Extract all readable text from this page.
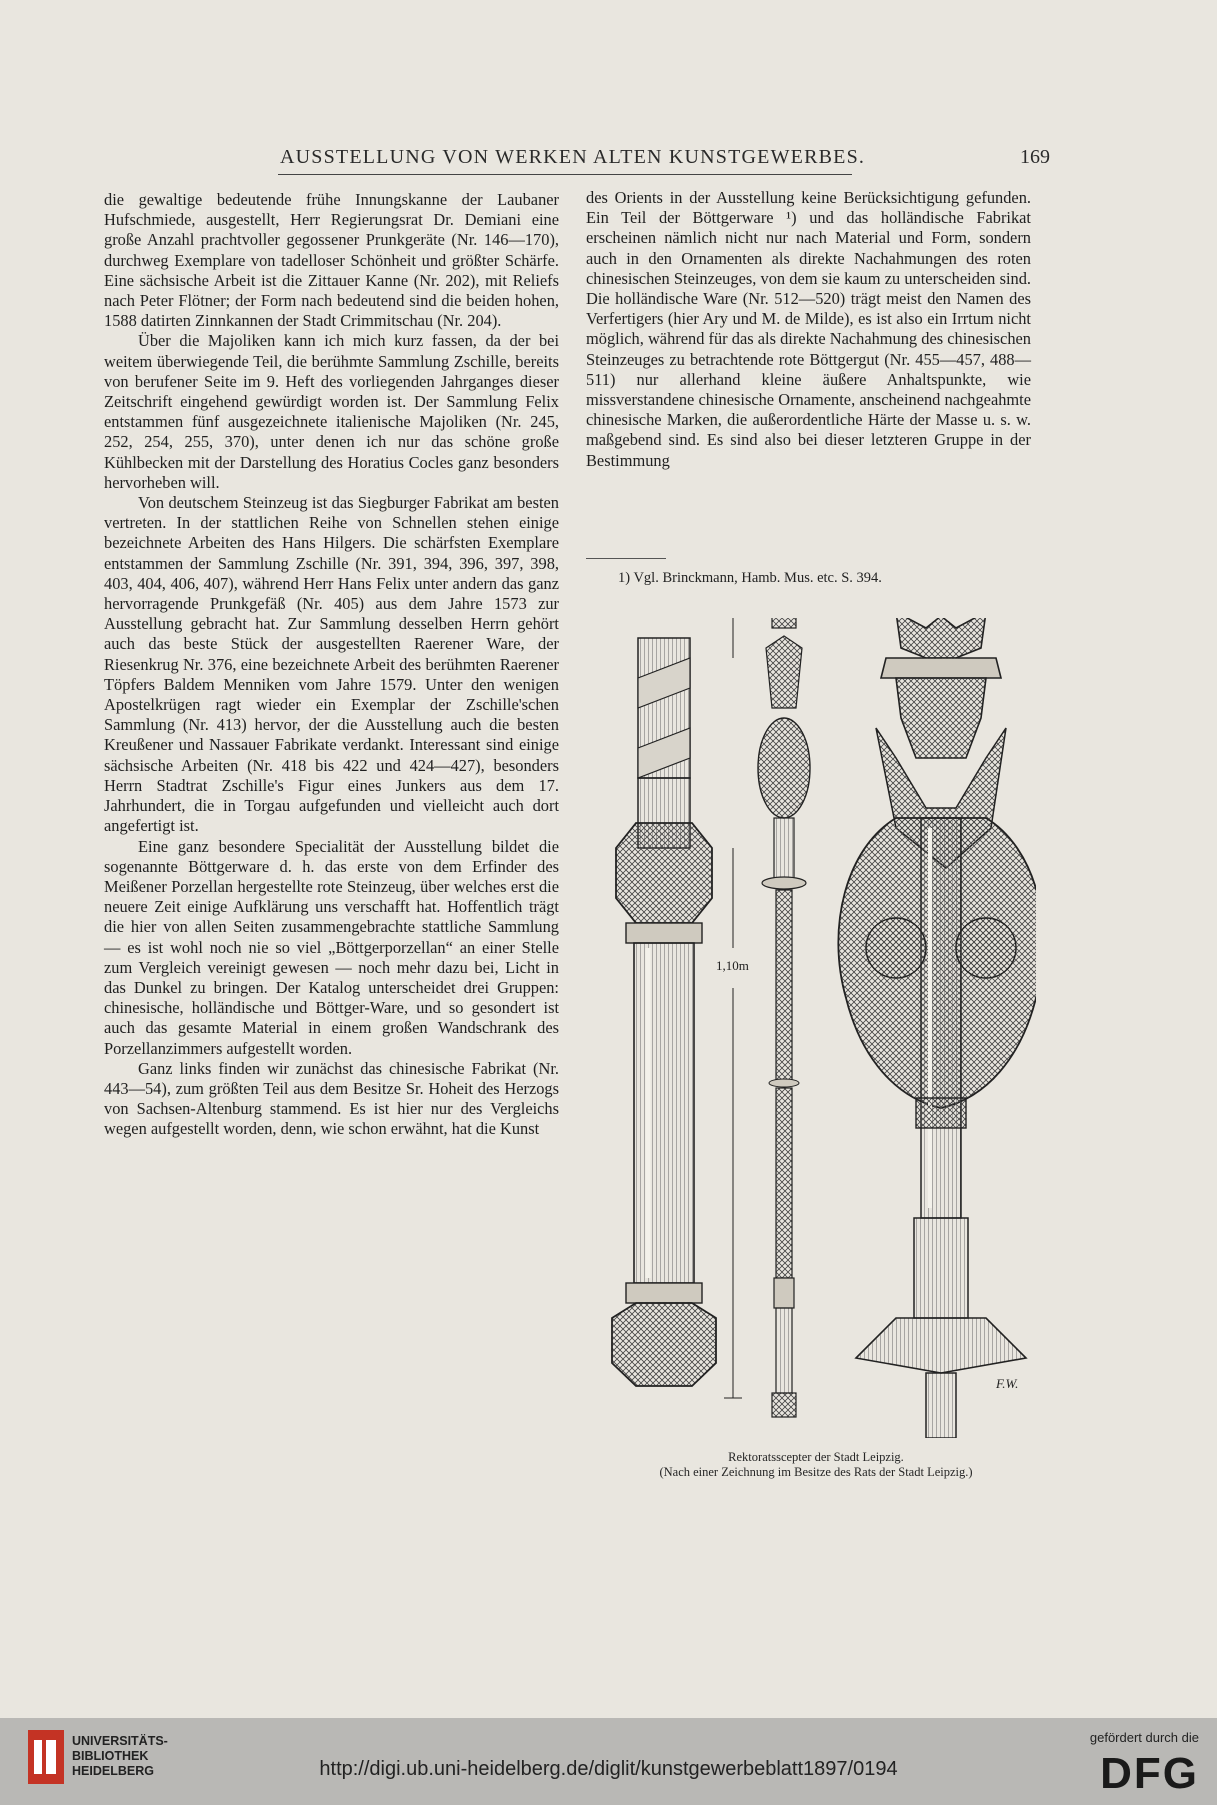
AUSSTELLUNG VON WERKEN ALTEN KUNSTGEWERBES.	169

die gewaltige bedeutende frühe Innungskanne der Laubaner Hufschmiede, ausgestellt, Herr Regierungsrat Dr. Demiani eine große Anzahl prachtvoller gegossener Prunkgeräte (Nr. 146—170), durchweg Exemplare von tadelloser Schönheit und größter Schärfe. Eine sächsische Arbeit ist die Zittauer Kanne (Nr. 202), mit Reliefs nach Peter Flötner; der Form nach bedeutend sind die beiden hohen, 1588 datirten Zinnkannen der Stadt Crimmitschau (Nr. 204).

Über die Majoliken kann ich mich kurz fassen, da der bei weitem überwiegende Teil, die berühmte Sammlung Zschille, bereits von berufener Seite im 9. Heft des vorliegenden Jahrganges dieser Zeitschrift eingehend gewürdigt worden ist. Der Sammlung Felix entstammen fünf ausgezeichnete italienische Majoliken (Nr. 245, 252, 254, 255, 370), unter denen ich nur das schöne große Kühlbecken mit der Darstellung des Horatius Cocles ganz besonders hervorheben will.

Von deutschem Steinzeug ist das Siegburger Fabrikat am besten vertreten. In der stattlichen Reihe von Schnellen stehen einige bezeichnete Arbeiten des Hans Hilgers. Die schärfsten Exemplare entstammen der Sammlung Zschille (Nr. 391, 394, 396, 397, 398, 403, 404, 406, 407), während Herr Hans Felix unter andern das ganz hervorragende Prunkgefäß (Nr. 405) aus dem Jahre 1573 zur Ausstellung gebracht hat. Zur Sammlung desselben Herrn gehört auch das beste Stück der ausgestellten Raerener Ware, der Riesenkrug Nr. 376, eine bezeichnete Arbeit des berühmten Raerener Töpfers Baldem Menniken vom Jahre 1579. Unter den wenigen Apostelkrügen ragt wieder ein Exemplar der Zschille'schen Sammlung (Nr. 413) hervor, der die Ausstellung auch die besten Kreußener und Nassauer Fabrikate verdankt. Interessant sind einige sächsische Arbeiten (Nr. 418 bis 422 und 424—427), besonders Herrn Stadtrat Zschille's Figur eines Junkers aus dem 17. Jahrhundert, die in Torgau aufgefunden und vielleicht auch dort angefertigt ist.

Eine ganz besondere Specialität der Ausstellung bildet die sogenannte Böttgerware d. h. das erste von dem Erfinder des Meißener Porzellan hergestellte rote Steinzeug, über welches erst die neuere Zeit einige Aufklärung uns verschafft hat. Hoffentlich trägt die hier von allen Seiten zusammengebrachte stattliche Sammlung — es ist wohl noch nie so viel „Böttgerporzellan“ an einer Stelle zum Vergleich vereinigt gewesen — noch mehr dazu bei, Licht in das Dunkel zu bringen. Der Katalog unterscheidet drei Gruppen: chinesische, holländische und Böttger-Ware, und so gesondert ist auch das gesamte Material in einem großen Wandschrank des Porzellanzimmers aufgestellt worden.

Ganz links finden wir zunächst das chinesische Fabrikat (Nr. 443—54), zum größten Teil aus dem Besitze Sr. Hoheit des Herzogs von Sachsen-Altenburg stammend. Es ist hier nur des Vergleichs wegen aufgestellt worden, denn, wie schon erwähnt, hat die Kunst

des Orients in der Ausstellung keine Berücksichtigung gefunden. Ein Teil der Böttgerware ¹) und das holländische Fabrikat erscheinen nämlich nicht nur nach Material und Form, sondern auch in den Ornamenten als direkte Nachahmungen des roten chinesischen Steinzeuges, von dem sie kaum zu unterscheiden sind. Die holländische Ware (Nr. 512—520) trägt meist den Namen des Verfertigers (hier Ary und M. de Milde), es ist also ein Irrtum nicht möglich, während für das als direkte Nachahmung des chinesischen Steinzeuges zu betrachtende rote Böttgergut (Nr. 455—457, 488—511) nur allerhand kleine äußere Anhaltspunkte, wie missverstandene chinesische Ornamente, anscheinend nachgeahmte chinesische Marken, die außerordentliche Härte der Masse u. s. w. maßgebend sind. Es sind also bei dieser letzteren Gruppe in der Bestimmung

1) Vgl. Brinckmann, Hamb. Mus. etc. S. 394.
1,10m
F.W.
Rektoratsscepter der Stadt Leipzig.
(Nach einer Zeichnung im Besitze des Rats der Stadt Leipzig.)
UNIVERSITÄTS-
BIBLIOTHEK
HEIDELBERG	http://digi.ub.uni-heidelberg.de/diglit/kunstgewerbeblatt1897/0194
gefördert durch die
DFG
